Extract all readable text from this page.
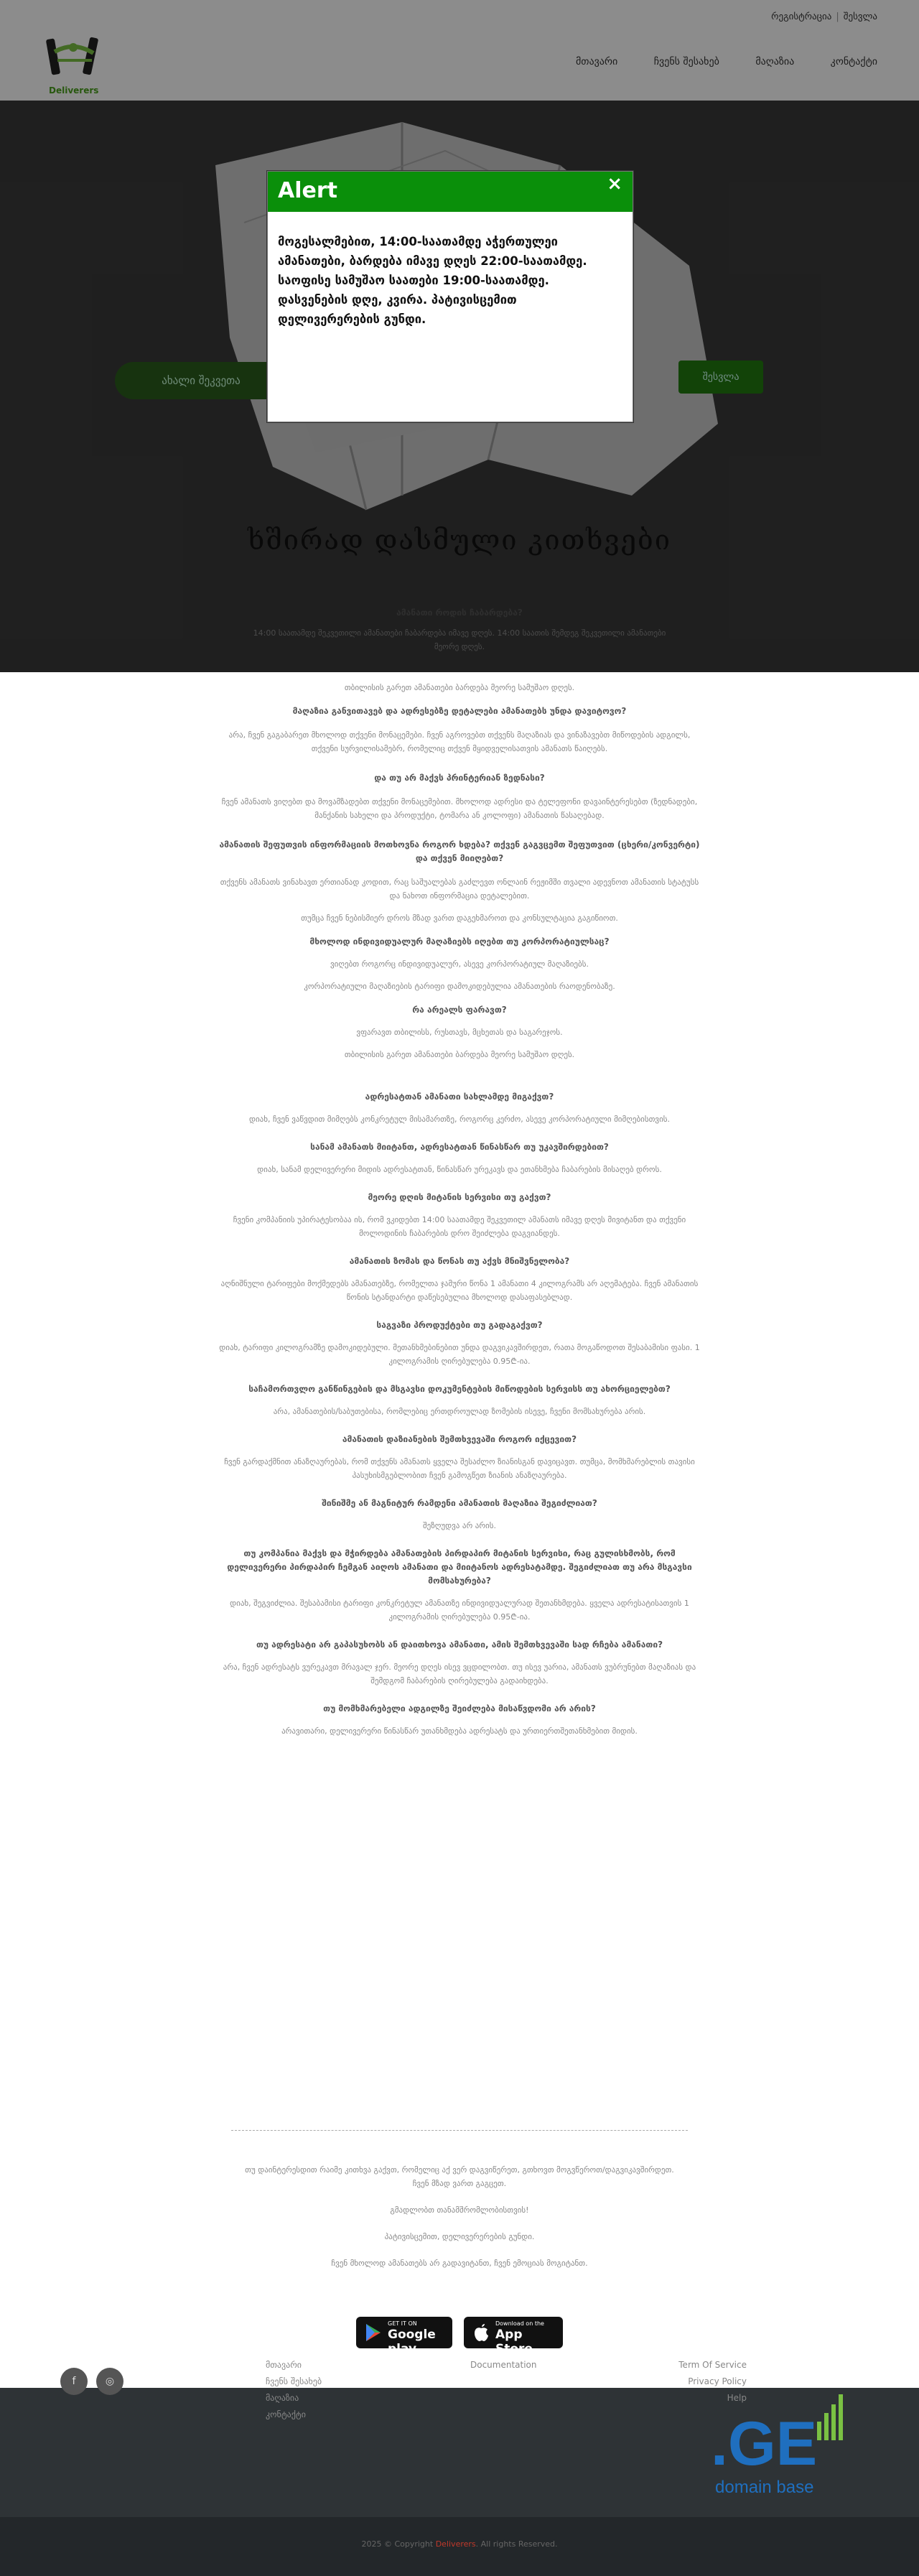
რეგისტრაცია | შესვლა
Deliverers
მთავარი	ჩვენს შესახებ	მაღაზია	კონტაქტი
ახალი შეკვეთა	შესვლა
ხშირად დასმული კითხვები

ამანათი როდის ჩაბარდება?

14:00 საათამდე შეკვეთილი ამანათები ჩაბარდება იმავე დღეს. 14:00 საათის შემდეგ შეკვეთილი ამანათები მეორე დღეს.

Alert	×
მოგესალმებით, 14:00-საათამდე აჭერთულეი ამანათები, ბარდება იმავე დღეს 22:00-საათამდე. საოფისე სამუშაო საათები 19:00-საათამდე. დასვენების დღე, კვირა. პატივისცემით დელივერერების გუნდი.

თბილისის გარეთ ამანათები ბარდება მეორე სამუშაო დღეს.

მაღაზია განვითავებ და ადრესებზე დეტალები ამანათებს უნდა დავიტოვო?

არა, ჩვენ გაგაბარეთ მხოლოდ თქვენი მონაცემები. ჩვენ აგროვებთ თქვენს მაღაზიას და ვინაზავებთ მიწოდების ადგილს, თქვენი სურვილისამებრ, რომელიც თქვენ მყიდველისათვის ამანათს წაიღებს.

და თუ არ მაქვს პრინტერიან ზედნასი?

ჩვენ ამანათს ვიღებთ და მოვამზადებთ თქვენი მონაცემებით. მხოლოდ ადრესი და ტელეფონი დავაინტერესებთ (ზედნადები, მანქანის სახელი და პროდუქტი, ტომარა ან კოლოფი) ამანათის წასაღებად.

ამანათის შეფუთვის ინფორმაციის მოთხოვნა როგორ ხდება? თქვენ გაგვცემთ შეფუთვით (ცხერი/კონვერტი) და თქვენ მიიღებთ?

თქვენს ამანათს ვინახავთ ერთიანად კოდით, რაც საშუალებას გაძლევთ ონლაინ რეჟიმში თვალი ადევნოთ ამანათის სტატუსს და ნახოთ ინფორმაცია დეტალებით.

თუმცა ჩვენ ნებისმიერ დროს მზად ვართ დაგეხმაროთ და კონსულტაცია გაგიწიოთ.

მხოლოდ ინდივიდუალურ მაღაზიებს იღებთ თუ კორპორატიულსაც?

ვიღებთ როგორც ინდივიდუალურ, ასევე კორპორატიულ მაღაზიებს.

კორპორატიული მაღაზიების ტარიფი დამოკიდებულია ამანათების რაოდენობაზე.

რა არეალს ფარავთ?

ვფარავთ თბილისს, რუსთავს, მცხეთას და საგარეჯოს.

თბილისის გარეთ ამანათები ბარდება მეორე სამუშაო დღეს.

ადრესატთან ამანათი სახლამდე მიგაქვთ?

დიახ, ჩვენ ვაწვდით მიმღებს კონკრეტულ მისამართზე, როგორც კერძო, ასევე კორპორატიული მიმღებისთვის.

სანამ ამანათს მიიტანთ, ადრესატთან წინასწარ თუ უკავშირდებით?

დიახ, სანამ დელივერერი მიდის ადრესატთან, წინასწარ ურეკავს და ეთანხმება ჩაბარების მისაღებ დროს.

მეორე დღის მიტანის სერვისი თუ გაქვთ?

ჩვენი კომპანიის უპირატესობაა ის, რომ ვკიდებთ 14:00 საათამდე შეკვეთილ ამანათს იმავე დღეს მივიტანთ და თქვენი მოლოდინის ჩაბარების დრო შეიძლება დაგვიანდეს.

ამანათის ზომას და წონას თუ აქვს მნიშვნელობა?

აღნიშნული ტარიფები მოქმედებს ამანათებზე, რომელთა ჯამური წონა 1 ამანათი 4 კილოგრამს არ აღემატება. ჩვენ ამანათის წონის სტანდარტი დაწესებულია მხოლოდ დასაფასებლად.

საგვაზი პროდუქტები თუ გადაგაქვთ?

დიახ, ტარიფი კილოგრამზე დამოკიდებული. მეთანხმებინებით უნდა დაგვიკავშირდეთ, რათა მოგაწოდოთ შესაბამისი ფასი. 1 კილოგრამის ღირებულება 0.95₾-ია.

საჩამორთვლო განწინგების და მსგავსი დოკუმენტების მიწოდების სერვისს თუ ახორციელებთ?

არა, ამანათების/საბუთებისა, რომლებიც ერთდროულად ზომების ისევე, ჩვენი მომსახურება არის.

ამანათის დაზიანების შემთხვევაში როგორ იქცევით?

ჩვენ გარდაქმნით ანაზღაურებას, რომ თქვენს ამანათს ყველა შესაძლო ზიანისგან დავიცავთ. თუმცა, მომხმარებლის თავისი პასუხისმგებლობით ჩვენ გამოგწეთ ზიანის ანაზღაურება.

შინიშმე ან მაგნიტურ რამდენი ამანათის მაღაზია შეგიძლიათ?

შეზღუდვა არ არის.

თუ კომპანია მაქვს და მჭირდება ამანათების პირდაპირ მიტანის სერვისი, რაც გულისხმობს, რომ დელივერერი პირდაპირ ჩემგან აიღოს ამანათი და მიიტანოს ადრესატამდე. შეგიძლიათ თუ არა მსგავსი მომსახურება?

დიახ, შეგვიძლია. შესაბამისი ტარიფი კონკრეტულ ამანათზე ინდივიდუალურად შეთანხმდება. ყველა ადრესატისათვის 1 კილოგრამის ღირებულება 0.95₾-ია.

თუ ადრესატი არ გაპასუხობს ან დაითხოვა ამანათი, ამის შემთხვევაში სად რჩება ამანათი?

არა, ჩვენ ადრესატს ვურეკავთ მრავალ ჯერ. მეორე დღეს ისევ ვცდილობთ. თუ ისევ უარია, ამანათს ვუბრუნებთ მაღაზიას და შემდგომ ჩაბარების ღირებულება გადაიხდება.

თუ მომხმარებელი ადგილზე შეიძლება მისაწვდომი არ არის?

არავითარი, დელივერერი წინასწარ უთანხმდება ადრესატს და ურთიერთშეთანხმებით მიდის.

თუ დაინტერესდით რაიმე კითხვა გაქვთ, რომელიც აქ ვერ დაგვიწერეთ, გთხოვთ მოგვწეროთ/დაგვიკავშირდეთ. ჩვენ მზად ვართ გაგცეთ.

გმადლობთ თანამშრომლობისთვის!

პატივისცემით, დელივერერების გუნდი.

ჩვენ მხოლოდ ამანათებს არ გადავიტანთ, ჩვენ ემოციას მოგიტანთ.

GET IT ON
Google play
Download on the
App Store
f	◎
მთავარი
ჩვენს შესახებ
მაღაზია
კონტაქტი
Documentation	Term Of Service
Privacy Policy
Help
.GE
domain base
2025 © Copyright Deliverers. All rights Reserved.
